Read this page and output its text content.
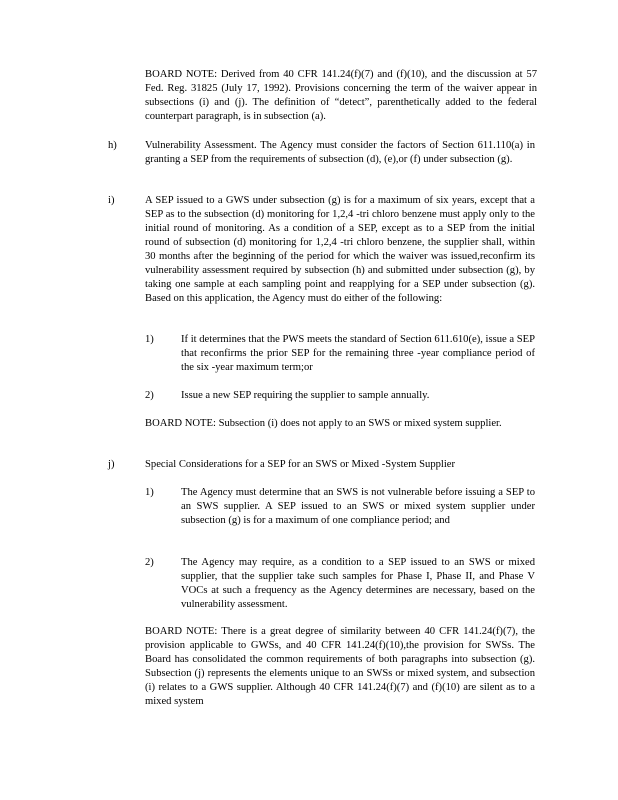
BOARD NOTE: Derived from 40 CFR 141.24(f)(7) and (f)(10), and the discussion at 57 Fed. Reg. 31825 (July 17, 1992). Provisions concerning the term of the waiver appear in subsections (i) and (j). The definition of “detect”, parenthetically added to the federal counterpart paragraph, is in subsection (a).
h)	Vulnerability Assessment. The Agency must consider the factors of Section 611.110(a) in granting a SEP from the requirements of subsection (d), (e),or (f) under subsection (g).
i)	A SEP issued to a GWS under subsection (g) is for a maximum of six years, except that a SEP as to the subsection (d) monitoring for 1,2,4 -tri chloro benzene must apply only to the initial round of monitoring. As a condition of a SEP, except as to a SEP from the initial round of subsection (d) monitoring for 1,2,4 -tri chloro benzene, the supplier shall, within 30 months after the beginning of the period for which the waiver was issued,reconfirm its vulnerability assessment required by subsection (h) and submitted under subsection (g), by taking one sample at each sampling point and reapplying for a SEP under subsection (g). Based on this application, the Agency must do either of the following:
1)	If it determines that the PWS meets the standard of Section 611.610(e), issue a SEP that reconfirms the prior SEP for the remaining three -year compliance period of the six -year maximum term;or
2)	Issue a new SEP requiring the supplier to sample annually.
BOARD NOTE: Subsection (i) does not apply to an SWS or mixed system supplier.
j)	Special Considerations for a SEP for an SWS or Mixed -System Supplier
1)	The Agency must determine that an SWS is not vulnerable before issuing a SEP to an SWS supplier. A SEP issued to an SWS or mixed system supplier under subsection (g) is for a maximum of one compliance period; and
2)	The Agency may require, as a condition to a SEP issued to an SWS or mixed supplier, that the supplier take such samples for Phase I, Phase II, and Phase V VOCs at such a frequency as the Agency determines are necessary, based on the vulnerability assessment.
BOARD NOTE: There is a great degree of similarity between 40 CFR 141.24(f)(7), the provision applicable to GWSs, and 40 CFR 141.24(f)(10),the provision for SWSs. The Board has consolidated the common requirements of both paragraphs into subsection (g). Subsection (j) represents the elements unique to an SWSs or mixed system, and subsection (i) relates to a GWS supplier. Although 40 CFR 141.24(f)(7) and (f)(10) are silent as to a mixed system
